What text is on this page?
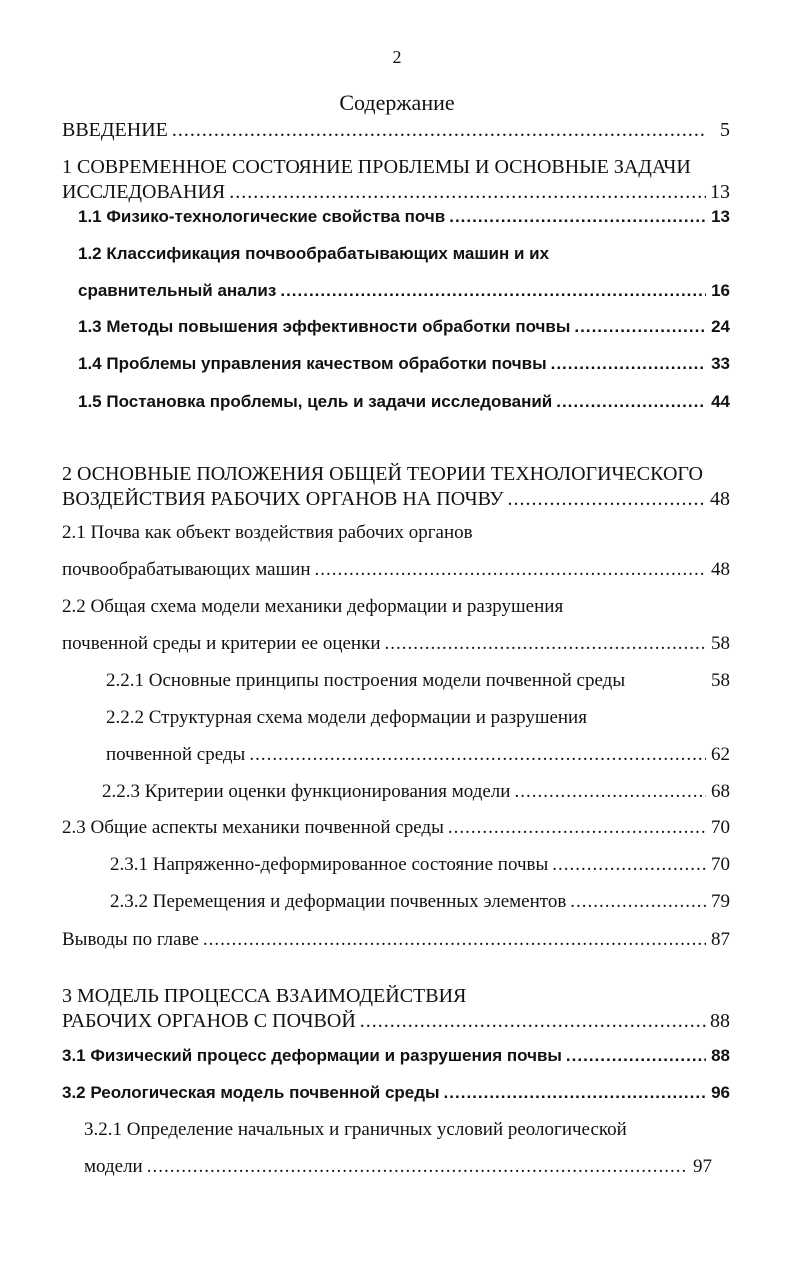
2
Содержание
ВВЕДЕНИЕ .....	5
1 СОВРЕМЕННОЕ СОСТОЯНИЕ ПРОБЛЕМЫ И ОСНОВНЫЕ ЗАДАЧИ
ИССЛЕДОВАНИЯ .....	13
1.1 Физико-технологические свойства почв .....	13
1.2 Классификация почвообрабатывающих машин и их
сравнительный анализ .....	16
1.3 Методы повышения эффективности обработки почвы .....	24
1.4 Проблемы управления качеством обработки почвы .....	33
1.5 Постановка проблемы, цель и задачи исследований .....	44
2 ОСНОВНЫЕ ПОЛОЖЕНИЯ ОБЩЕЙ ТЕОРИИ ТЕХНОЛОГИЧЕСКОГО
ВОЗДЕЙСТВИЯ РАБОЧИХ ОРГАНОВ НА ПОЧВУ .....	48
2.1 Почва как объект воздействия рабочих органов
почвообрабатывающих машин .....	48
2.2 Общая схема модели механики деформации и разрушения
почвенной среды и критерии ее оценки .....	58
2.2.1 Основные принципы построения модели почвенной среды	58
2.2.2 Структурная схема модели деформации и разрушения
почвенной среды .....	62
2.2.3 Критерии оценки функционирования модели .....	68
2.3 Общие аспекты механики почвенной среды .....	70
2.3.1 Напряженно-деформированное состояние почвы .....	70
2.3.2 Перемещения и деформации почвенных элементов .....	79
Выводы по главе .....	87
3 МОДЕЛЬ ПРОЦЕССА ВЗАИМОДЕЙСТВИЯ
РАБОЧИХ ОРГАНОВ С ПОЧВОЙ .....	88
3.1 Физический процесс деформации и разрушения почвы .....	88
3.2 Реологическая модель почвенной среды .....	96
3.2.1 Определение начальных и граничных условий реологической
модели .....	97
